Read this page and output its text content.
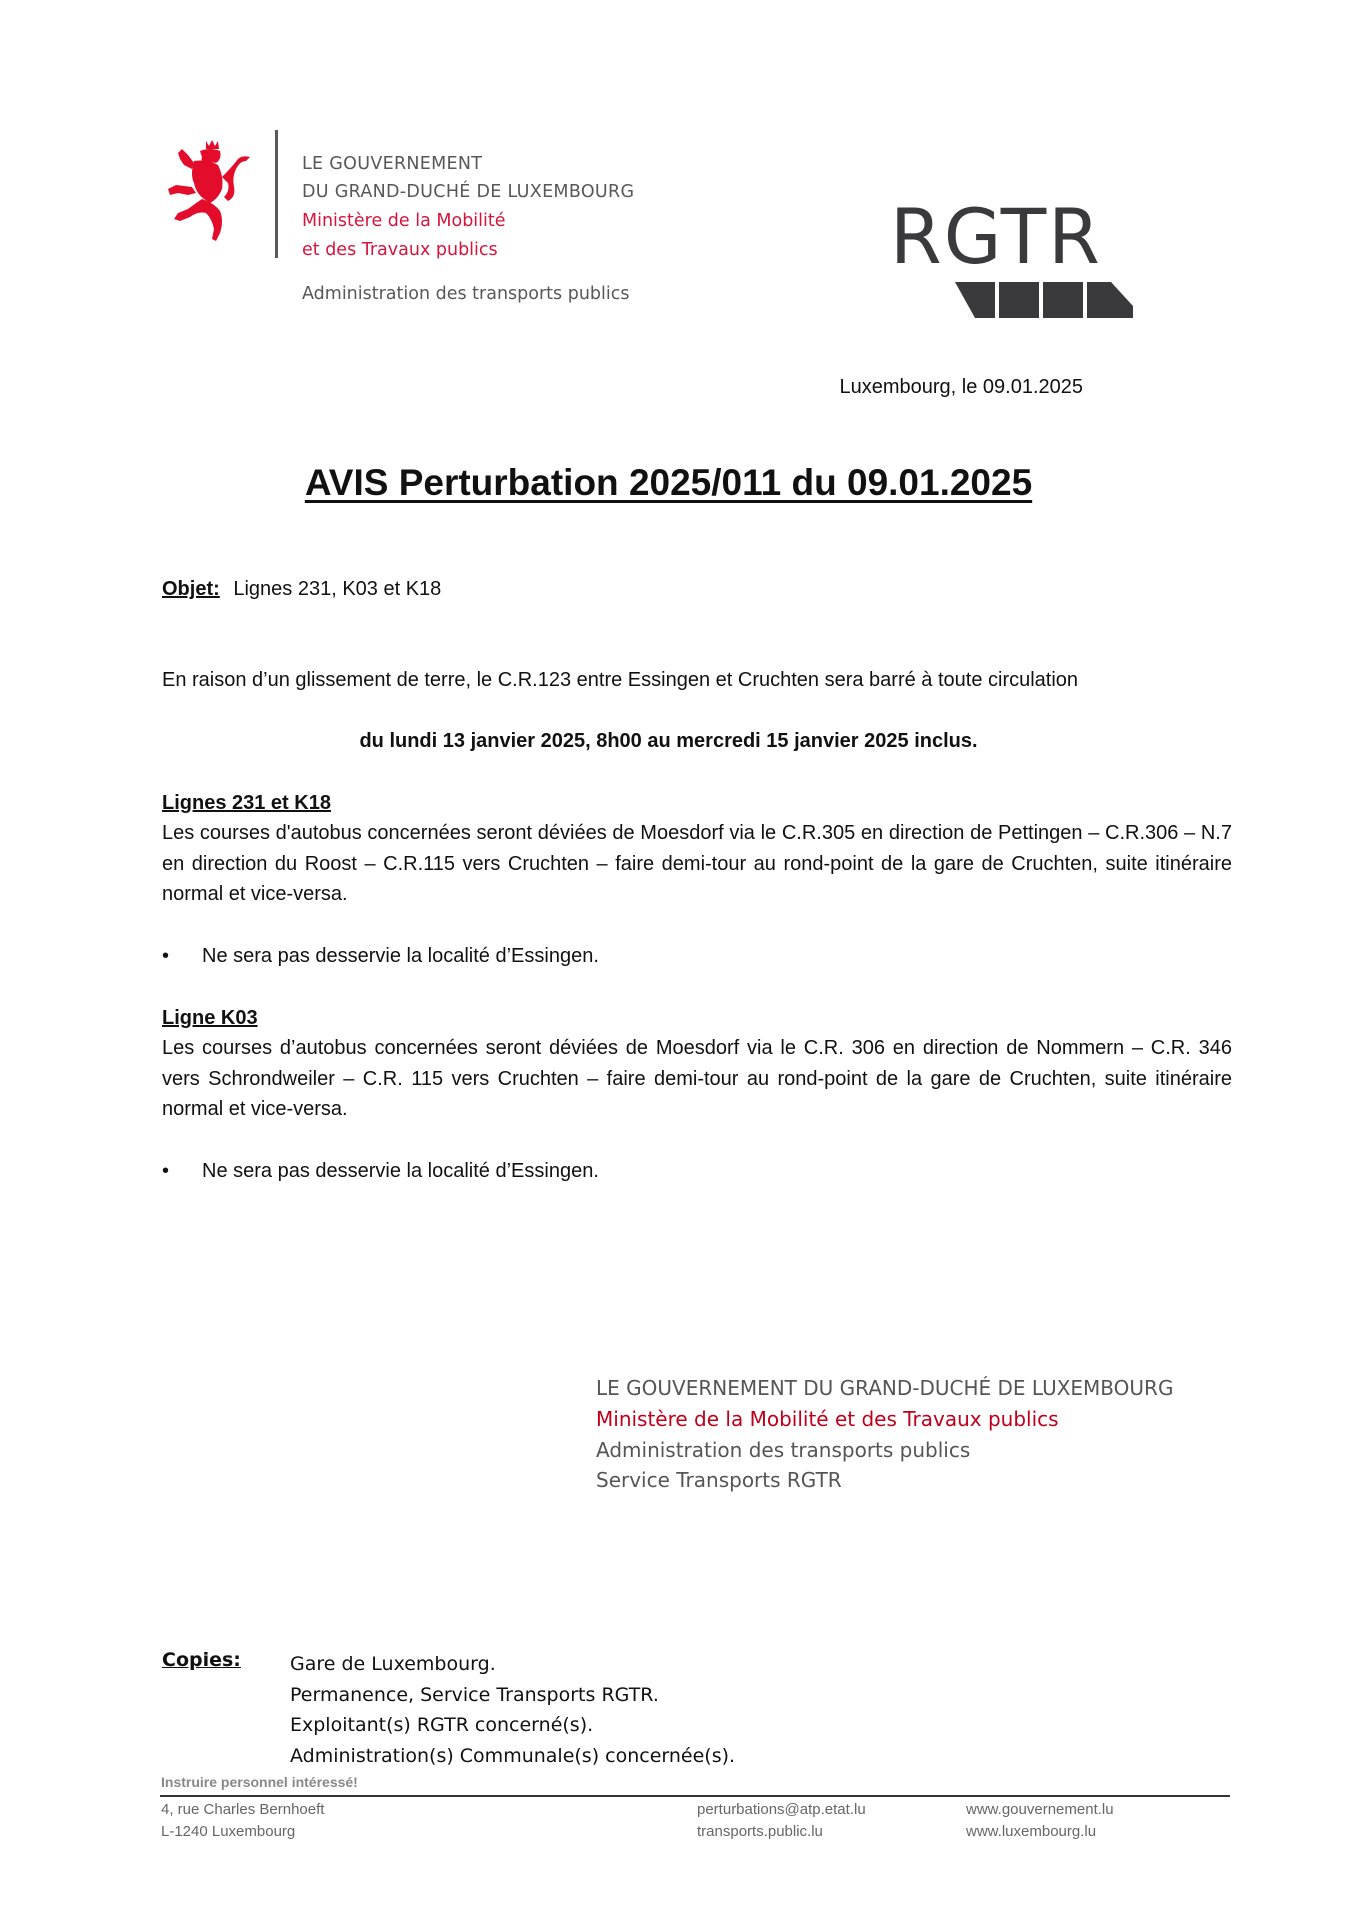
LE GOUVERNEMENT
DU GRAND-DUCHÉ DE LUXEMBOURG
Ministère de la Mobilité
et des Travaux publics
Administration des transports publics
RGTR
Luxembourg, le 09.01.2025
AVIS Perturbation 2025/011 du 09.01.2025
Objet: Lignes 231, K03 et K18
En raison d’un glissement de terre, le C.R.123 entre Essingen et Cruchten sera barré à toute circulation
du lundi 13 janvier 2025, 8h00 au mercredi 15 janvier 2025 inclus.
Lignes 231 et K18
Les courses d'autobus concernées seront déviées de Moesdorf via le C.R.305 en direction de Pettingen – C.R.306 – N.7 en direction du Roost – C.R.115 vers Cruchten – faire demi-tour au rond-point de la gare de Cruchten, suite itinéraire normal et vice-versa.
• Ne sera pas desservie la localité d’Essingen.
Ligne K03
Les courses d’autobus concernées seront déviées de Moesdorf via le C.R. 306 en direction de Nommern – C.R. 346 vers Schrondweiler – C.R. 115 vers Cruchten – faire demi-tour au rond-point de la gare de Cruchten, suite itinéraire normal et vice-versa.
• Ne sera pas desservie la localité d’Essingen.
LE GOUVERNEMENT DU GRAND-DUCHÉ DE LUXEMBOURG
Ministère de la Mobilité et des Travaux publics
Administration des transports publics
Service Transports RGTR
Copies:	Gare de Luxembourg.
Permanence, Service Transports RGTR.
Exploitant(s) RGTR concerné(s).
Administration(s) Communale(s) concernée(s).
Instruire personnel intéressé!
4, rue Charles Bernhoeft
L-1240 Luxembourg
perturbations@atp.etat.lu
transports.public.lu
www.gouvernement.lu
www.luxembourg.lu
